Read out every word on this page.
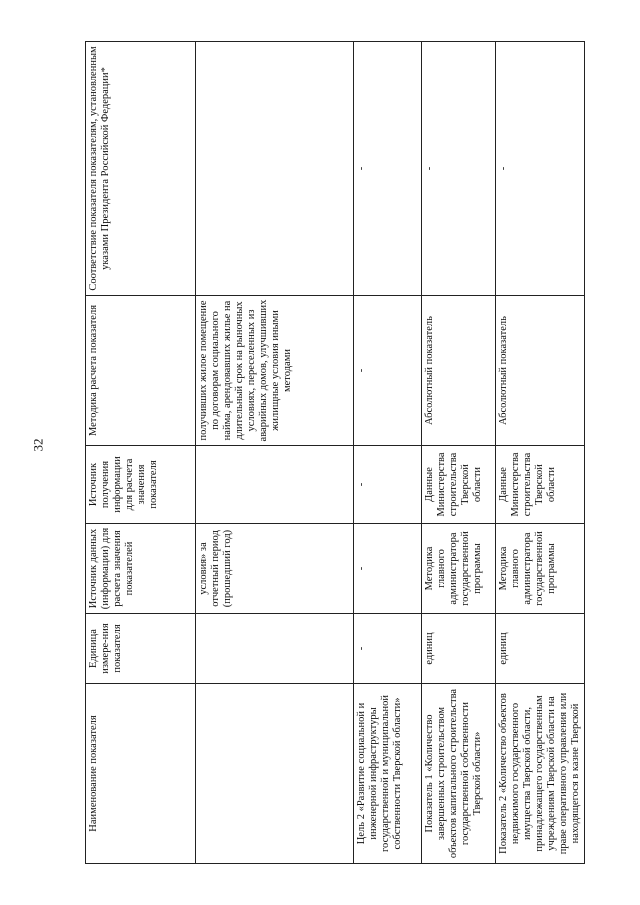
32
Наименование показателя	Единица измере-ния показателя	Источник данных (информации) для расчета значения показателей	Источник получения информации для расчета значения показателя	Методика расчета показателя	Соответствие показателя показателям, установленным указами Президента Российской Федерации*
		условия» за отчетный период (прошедший год)		получивших жилое помещение по договорам социального найма, арендовавших жилье на длительный срок на рыночных условиях, переселенных из аварийных домов, улучшивших жилищные условия иными методами	
Цель 2 «Развитие социальной и инженерной инфраструктуры государственной и муниципальной собственности Тверской области»	-	-	-	-	-
Показатель 1 «Количество завершенных строительством объектов капитального строительства государственной собственности Тверской области»	единиц	Методика главного администратора государственной программы	Данные Министерства строительства Тверской области	Абсолютный показатель	-
Показатель 2 «Количество объектов недвижимого государственного имущества Тверской области, принадлежащего государственным учреждениям Тверской области на праве оперативного управления или находящегося в казне Тверской	единиц	Методика главного администратора государственной программы	Данные Министерства строительства Тверской области	Абсолютный показатель	-
